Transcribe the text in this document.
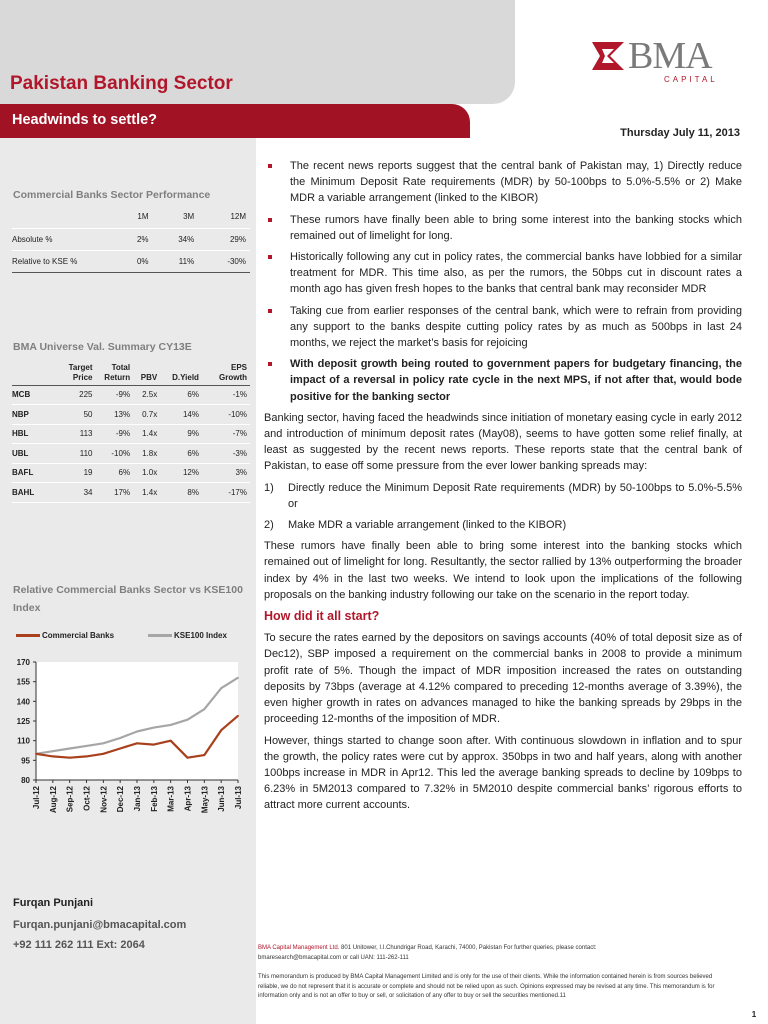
Pakistan Banking Sector
Headwinds to settle?
BMA
CAPITAL
Thursday July 11, 2013
Commercial Banks Sector Performance
	1M	3M	12M
Absolute %	2%	34%	29%
Relative to KSE %	0%	11%	-30%
BMA Universe Val. Summary CY13E
	Target Price	Total Return	PBV	D.Yield	EPS Growth
MCB	225	-9%	2.5x	6%	-1%
NBP	50	13%	0.7x	14%	-10%
HBL	113	-9%	1.4x	9%	-7%
UBL	110	-10%	1.8x	6%	-3%
BAFL	19	6%	1.0x	12%	3%
BAHL	34	17%	1.4x	8%	-17%
Relative Commercial Banks Sector vs KSE100 Index
Commercial Banks	KSE100 Index
80
95
110
125
140
155
170
Jul-12 Aug-12 Sep-12 Oct-12 Nov-12 Dec-12 Jan-13 Feb-13 Mar-13 Apr-13 May-13 Jun-13 Jul-13
Furqan Punjani
Furqan.punjani@bmacapital.com
+92 111 262 111 Ext: 2064
The recent news reports suggest that the central bank of Pakistan may, 1) Directly reduce the Minimum Deposit Rate requirements (MDR) by 50-100bps to 5.0%-5.5% or 2) Make MDR a variable arrangement (linked to the KIBOR)
These rumors have finally been able to bring some interest into the banking stocks which remained out of limelight for long.
Historically following any cut in policy rates, the commercial banks have lobbied for a similar treatment for MDR. This time also, as per the rumors, the 50bps cut in discount rates a month ago has given fresh hopes to the banks that central bank may reconsider MDR
Taking cue from earlier responses of the central bank, which were to refrain from providing any support to the banks despite cutting policy rates by as much as 500bps in last 24 months, we reject the market’s basis for rejoicing
With deposit growth being routed to government papers for budgetary financing, the impact of a reversal in policy rate cycle in the next MPS, if not after that, would bode positive for the banking sector

Banking sector, having faced the headwinds since initiation of monetary easing cycle in early 2012 and introduction of minimum deposit rates (May08), seems to have gotten some relief finally, at least as suggested by the recent news reports. These reports state that the central bank of Pakistan, to ease off some pressure from the ever lower banking spreads may:

1) Directly reduce the Minimum Deposit Rate requirements (MDR) by 50-100bps to 5.0%-5.5% or
2) Make MDR a variable arrangement (linked to the KIBOR)

These rumors have finally been able to bring some interest into the banking stocks which remained out of limelight for long. Resultantly, the sector rallied by 13% outperforming the broader index by 4% in the last two weeks. We intend to look upon the implications of the following proposals on the banking industry following our take on the scenario in the report today.

How did it all start?

To secure the rates earned by the depositors on savings accounts (40% of total deposit size as of Dec12), SBP imposed a requirement on the commercial banks in 2008 to provide a minimum profit rate of 5%. Though the impact of MDR imposition increased the rates on outstanding deposits by 73bps (average at 4.12% compared to preceding 12-months average of 3.39%), the even higher growth in rates on advances managed to hike the banking spreads by 29bps in the proceeding 12-months of the imposition of MDR.

However, things started to change soon after. With continuous slowdown in inflation and to spur the growth, the policy rates were cut by approx. 350bps in two and half years, along with another 100bps increase in MDR in Apr12. This led the average banking spreads to decline by 109bps to 6.23% in 5M2013 compared to 7.32% in 5M2010 despite commercial banks’ rigorous efforts to attract more current accounts.

BMA Capital Management Ltd. 801 Unitower, I.I.Chundrigar Road, Karachi, 74000, Pakistan For further queries, please contact:
bmaresearch@bmacapital.com or call UAN: 111-262-111

This memorandum is produced by BMA Capital Management Limited and is only for the use of their clients. While the information contained herein is from sources believed reliable, we do not represent that it is accurate or complete and should not be relied upon as such. Opinions expressed may be revised at any time. This memorandum is for information only and is not an offer to buy or sell, or solicitation of any offer to buy or sell the securities mentioned.11

1
